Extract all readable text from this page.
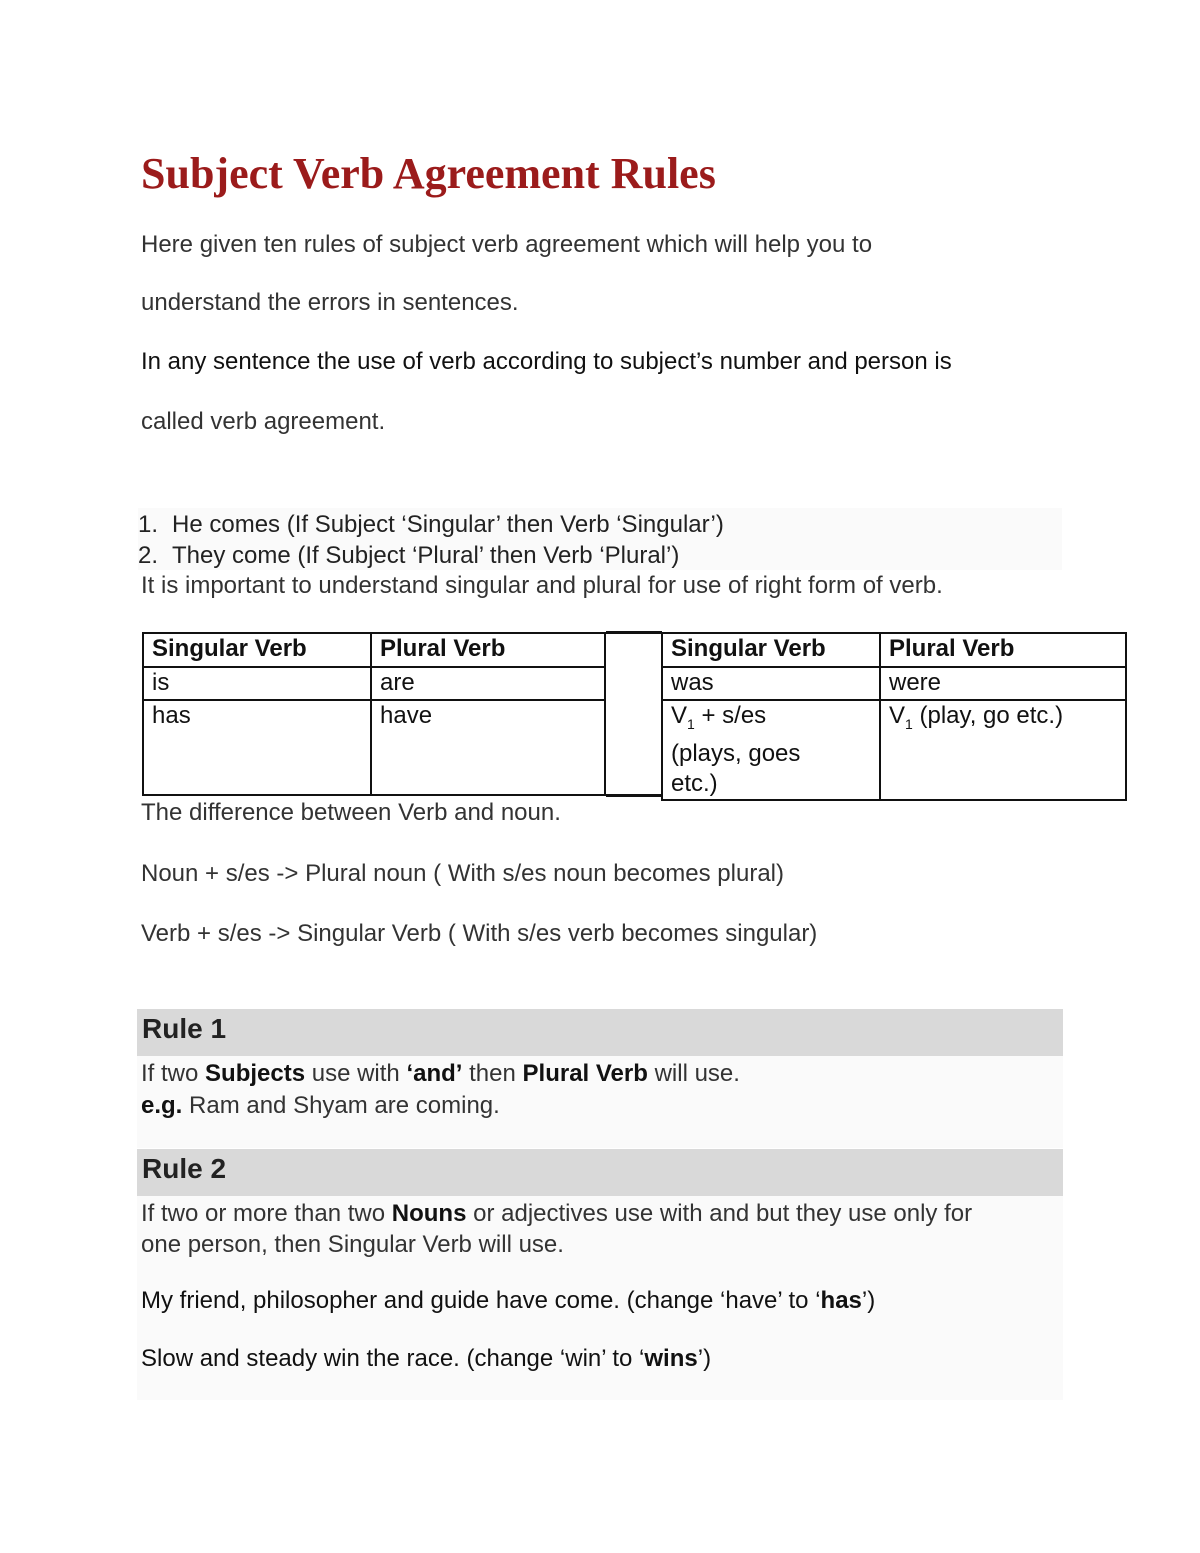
Subject Verb Agreement Rules
Here given ten rules of subject verb agreement which will help you to
understand the errors in sentences.
In any sentence the use of verb according to subject’s number and person is
called verb agreement.
1. He comes (If Subject ‘Singular’ then Verb ‘Singular’)
2. They come (If Subject ‘Plural’ then Verb ‘Plural’)
It is important to understand singular and plural for use of right form of verb.
Singular Verb	Plural Verb
is	are
has	have
Singular Verb	Plural Verb
was	were
$V_1 + s/es$
(plays, goes
etc.)	$V_1$ (play, go etc.)
The difference between Verb and noun.
Noun + s/es -> Plural noun ( With s/es noun becomes plural)
Verb + s/es -> Singular Verb ( With s/es verb becomes singular)
Rule 1
If two Subjects use with ‘and’ then Plural Verb will use.
e.g. Ram and Shyam are coming.
Rule 2
If two or more than two Nouns or adjectives use with and but they use only for
one person, then Singular Verb will use.
My friend, philosopher and guide have come. (change ‘have’ to ‘has’)
Slow and steady win the race. (change ‘win’ to ‘wins’)
